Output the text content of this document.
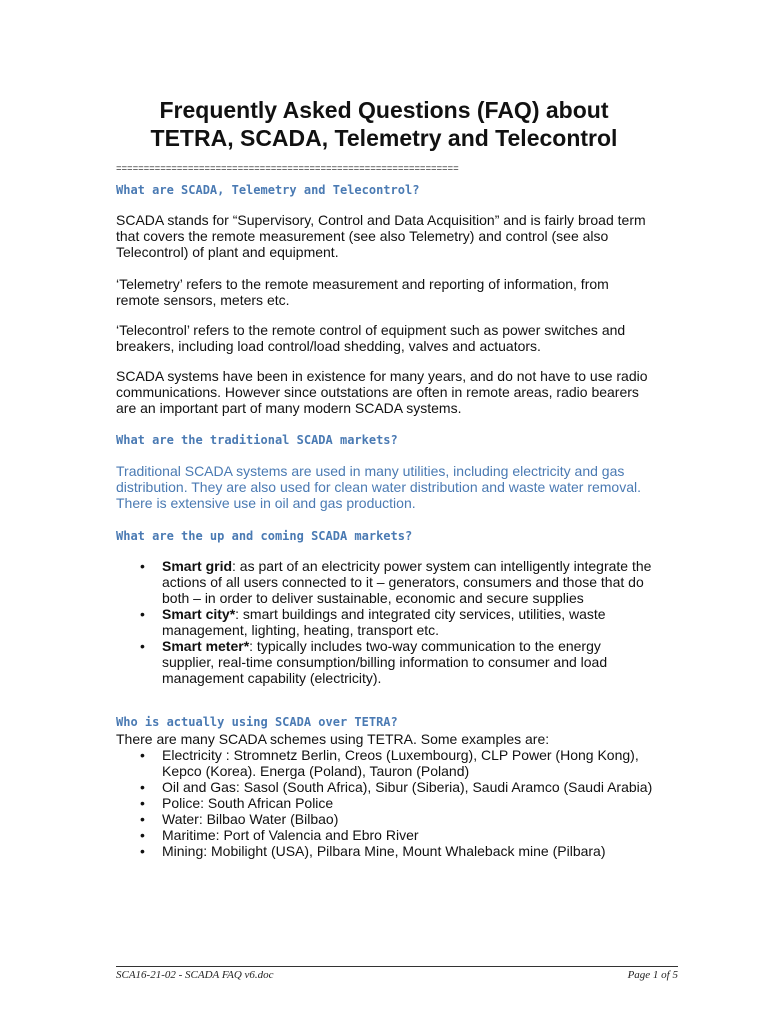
Frequently Asked Questions (FAQ) about
TETRA, SCADA, Telemetry and Telecontrol
==============================================================
What are SCADA, Telemetry and Telecontrol?
SCADA stands for “Supervisory, Control and Data Acquisition” and is fairly broad term that covers the remote measurement (see also Telemetry) and control (see also Telecontrol) of plant and equipment.
‘Telemetry’ refers to the remote measurement and reporting of information, from remote sensors, meters etc.
‘Telecontrol’ refers to the remote control of equipment such as power switches and breakers, including load control/load shedding, valves and actuators.
SCADA systems have been in existence for many years, and do not have to use radio communications. However since outstations are often in remote areas, radio bearers are an important part of many modern SCADA systems.
What are the traditional SCADA markets?
Traditional SCADA systems are used in many utilities, including electricity and gas distribution. They are also used for clean water distribution and waste water removal. There is extensive use in oil and gas production.
What are the up and coming SCADA markets?
• Smart grid: as part of an electricity power system can intelligently integrate the actions of all users connected to it – generators, consumers and those that do both – in order to deliver sustainable, economic and secure supplies
• Smart city*: smart buildings and integrated city services, utilities, waste management, lighting, heating, transport etc.
• Smart meter*: typically includes two-way communication to the energy supplier, real-time consumption/billing information to consumer and load management capability (electricity).
Who is actually using SCADA over TETRA?
There are many SCADA schemes using TETRA. Some examples are:
• Electricity : Stromnetz Berlin, Creos (Luxembourg), CLP Power (Hong Kong), Kepco (Korea). Energa (Poland), Tauron (Poland)
• Oil and Gas: Sasol (South Africa), Sibur (Siberia), Saudi Aramco (Saudi Arabia)
• Police: South African Police
• Water: Bilbao Water (Bilbao)
• Maritime: Port of Valencia and Ebro River
• Mining: Mobilight (USA), Pilbara Mine, Mount Whaleback mine (Pilbara)
SCA16-21-02 - SCADA FAQ v6.doc	Page 1 of 5
